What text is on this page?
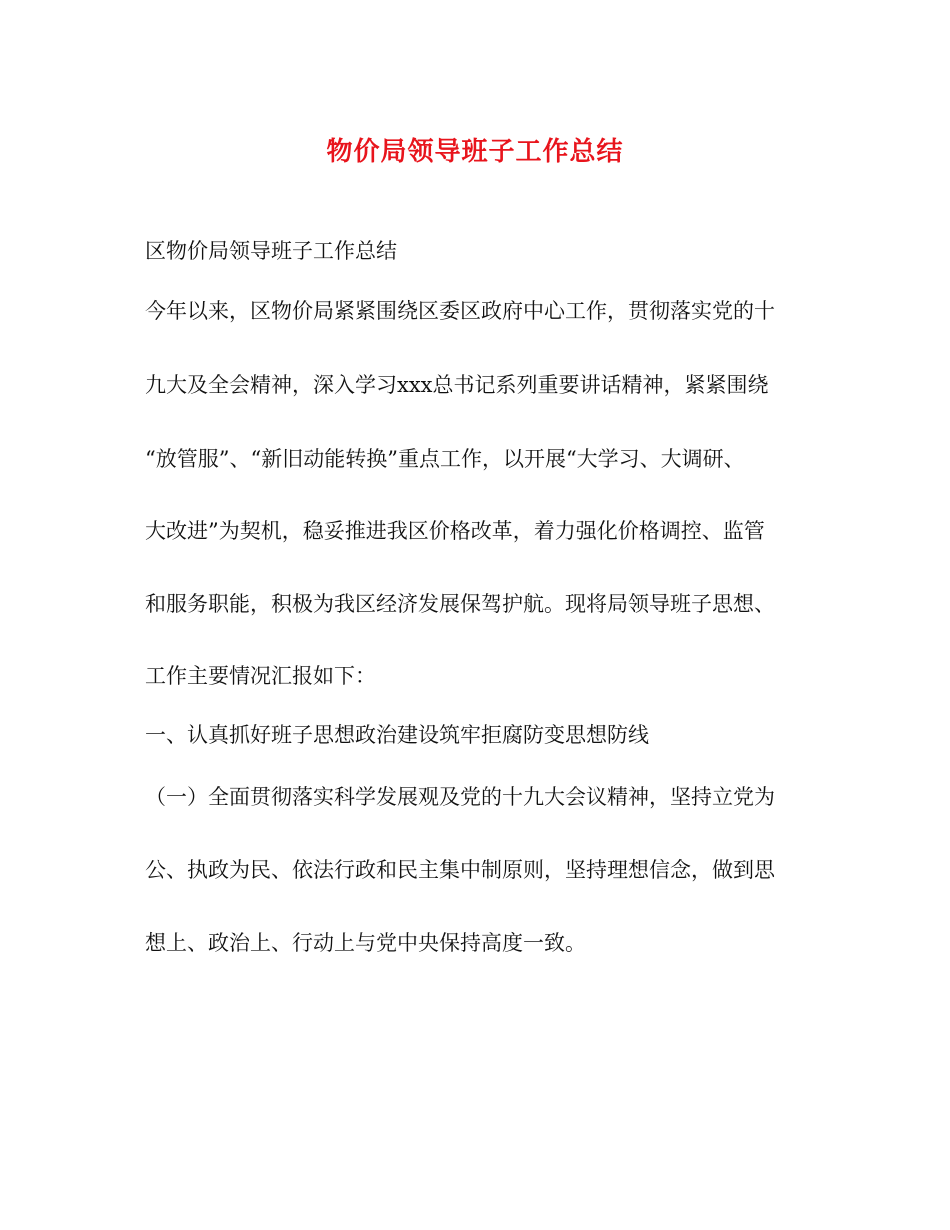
物价局领导班子工作总结
区物价局领导班子工作总结
今年以来，区物价局紧紧围绕区委区政府中心工作，贯彻落实党的十
九大及全会精神，深入学习xxx总书记系列重要讲话精神，紧紧围绕
“放管服”、“新旧动能转换”重点工作，以开展“大学习、大调研、
大改进”为契机，稳妥推进我区价格改革，着力强化价格调控、监管
和服务职能，积极为我区经济发展保驾护航。现将局领导班子思想、
工作主要情况汇报如下：
一、认真抓好班子思想政治建设筑牢拒腐防变思想防线
（一）全面贯彻落实科学发展观及党的十九大会议精神，坚持立党为
公、执政为民、依法行政和民主集中制原则，坚持理想信念，做到思
想上、政治上、行动上与党中央保持高度一致。
